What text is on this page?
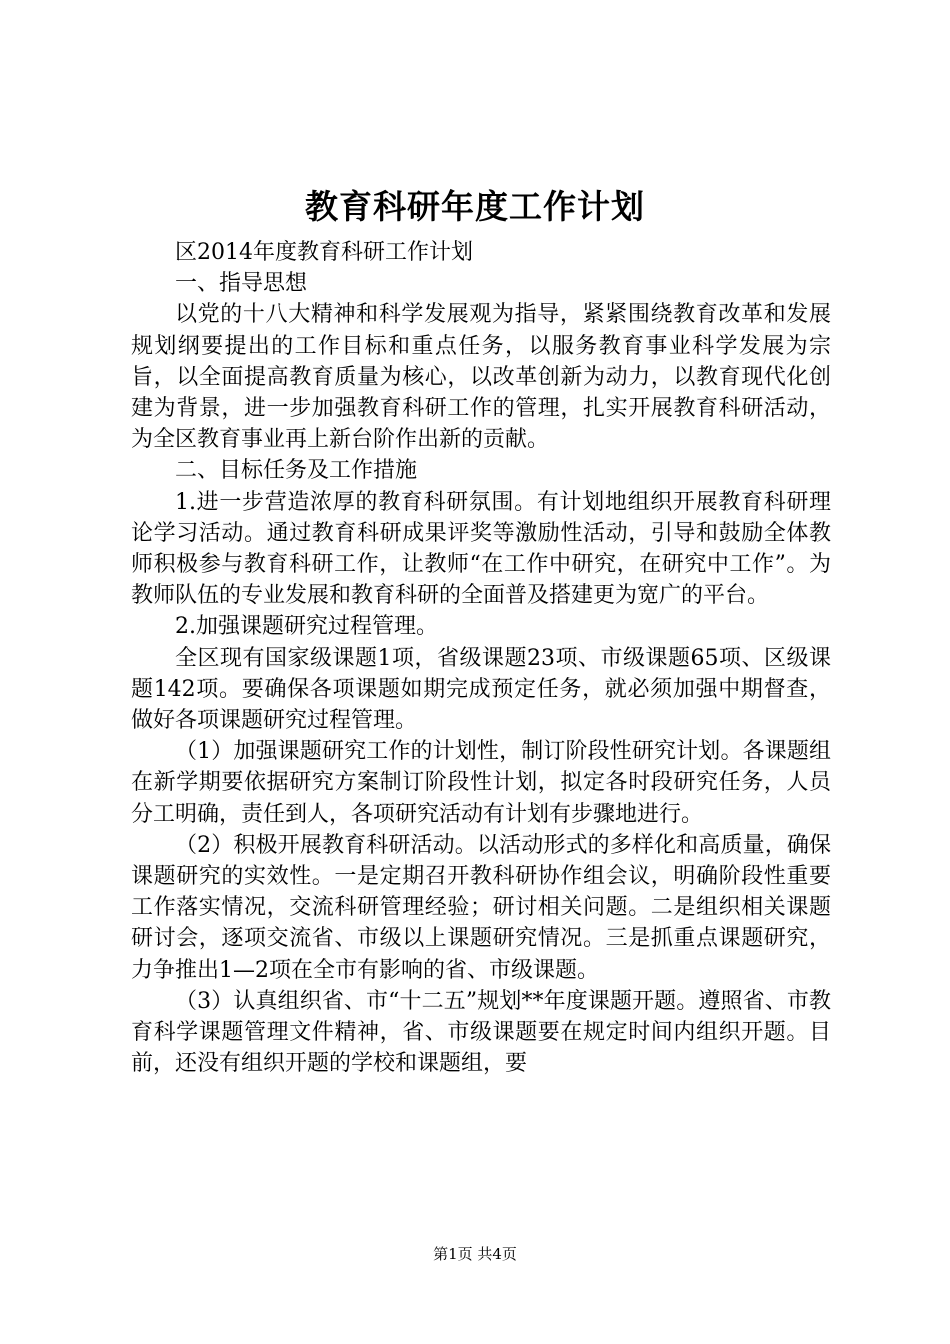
教育科研年度工作计划

区2014年度教育科研工作计划

一、指导思想

以党的十八大精神和科学发展观为指导，紧紧围绕教育改革和发展规划纲要提出的工作目标和重点任务，以服务教育事业科学发展为宗旨，以全面提高教育质量为核心，以改革创新为动力，以教育现代化创建为背景，进一步加强教育科研工作的管理，扎实开展教育科研活动，为全区教育事业再上新台阶作出新的贡献。

二、目标任务及工作措施

1.进一步营造浓厚的教育科研氛围。有计划地组织开展教育科研理论学习活动。通过教育科研成果评奖等激励性活动，引导和鼓励全体教师积极参与教育科研工作，让教师“在工作中研究，在研究中工作”。为教师队伍的专业发展和教育科研的全面普及搭建更为宽广的平台。

2.加强课题研究过程管理。

全区现有国家级课题1项，省级课题23项、市级课题65项、区级课题142项。要确保各项课题如期完成预定任务，就必须加强中期督查，做好各项课题研究过程管理。

（1）加强课题研究工作的计划性，制订阶段性研究计划。各课题组在新学期要依据研究方案制订阶段性计划，拟定各时段研究任务，人员分工明确，责任到人，各项研究活动有计划有步骤地进行。

（2）积极开展教育科研活动。以活动形式的多样化和高质量，确保课题研究的实效性。一是定期召开教科研协作组会议，明确阶段性重要工作落实情况，交流科研管理经验；研讨相关问题。二是组织相关课题研讨会，逐项交流省、市级以上课题研究情况。三是抓重点课题研究，力争推出1—2项在全市有影响的省、市级课题。

（3）认真组织省、市“十二五”规划**年度课题开题。遵照省、市教育科学课题管理文件精神，省、市级课题要在规定时间内组织开题。目前，还没有组织开题的学校和课题组，要

第1页 共4页
